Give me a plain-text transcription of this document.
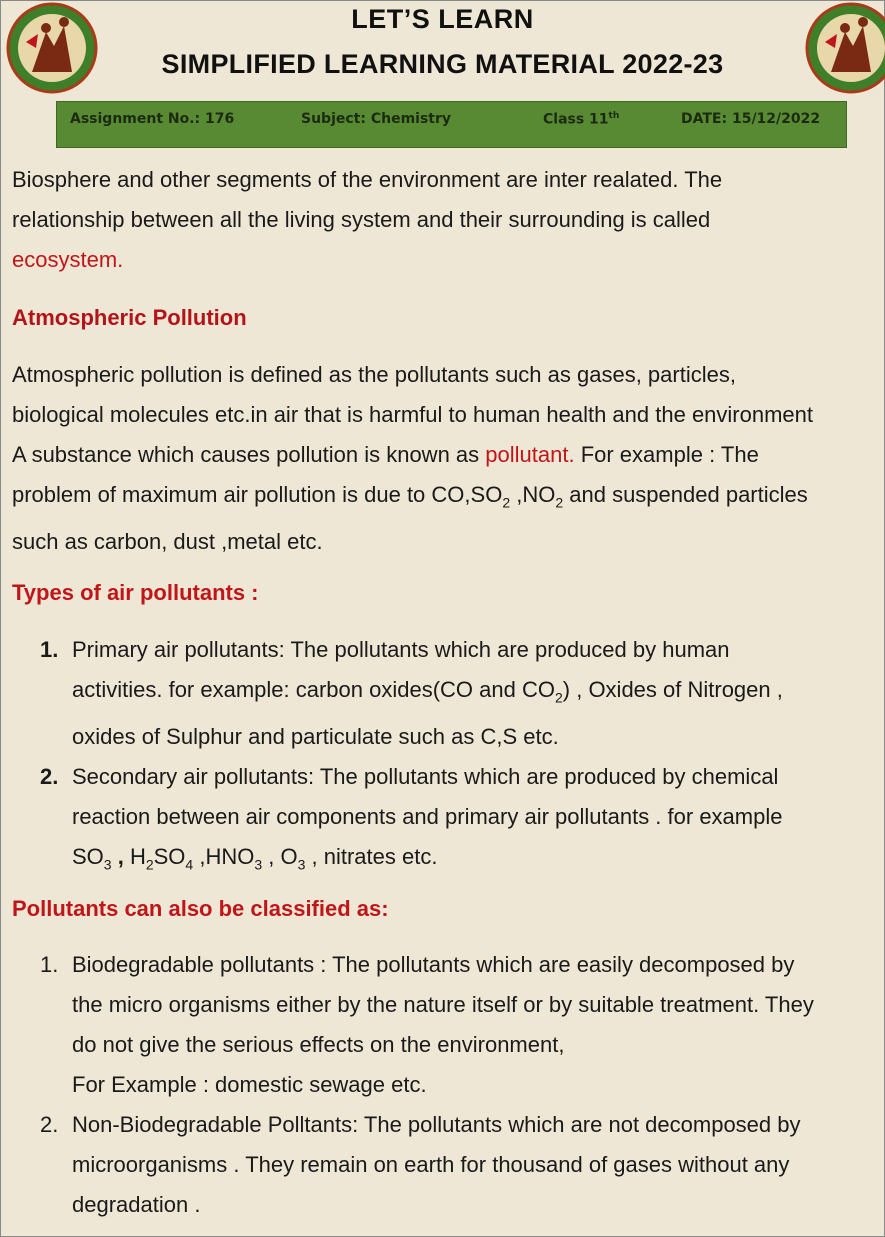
LET’S LEARN
SIMPLIFIED LEARNING MATERIAL 2022-23
Assignment No.: 176	Subject: Chemistry	Class 11th	DATE: 15/12/2022
Biosphere and other segments of the environment are inter realated. The
relationship between all the living system and their surrounding is called
ecosystem.
Atmospheric Pollution
Atmospheric pollution is defined as the pollutants such as gases, particles,
biological molecules etc.in air that is harmful to human health and the environment
A substance which causes pollution is known as pollutant. For example : The
problem of maximum air pollution is due to $CO,SO_2$ $,NO_2$ and suspended particles
such as carbon, dust ,metal etc.
Types of air pollutants :
1. Primary air pollutants: The pollutants which are produced by human
activities. for example: carbon oxides(CO and $CO_2$) , Oxides of Nitrogen ,
oxides of Sulphur and particulate such as C,S etc.
2. Secondary air pollutants: The pollutants which are produced by chemical
reaction between air components and primary air pollutants . for example
$SO_3$ , $H_2SO_4$ $,HNO_3$ , $O_3$ , nitrates etc.
Pollutants can also be classified as:
1. Biodegradable pollutants : The pollutants which are easily decomposed by
the micro organisms either by the nature itself or by suitable treatment. They
do not give the serious effects on the environment,
For Example : domestic sewage etc.
2. Non-Biodegradable Polltants: The pollutants which are not decomposed by
microorganisms . They remain on earth for thousand of gases without any
degradation .
